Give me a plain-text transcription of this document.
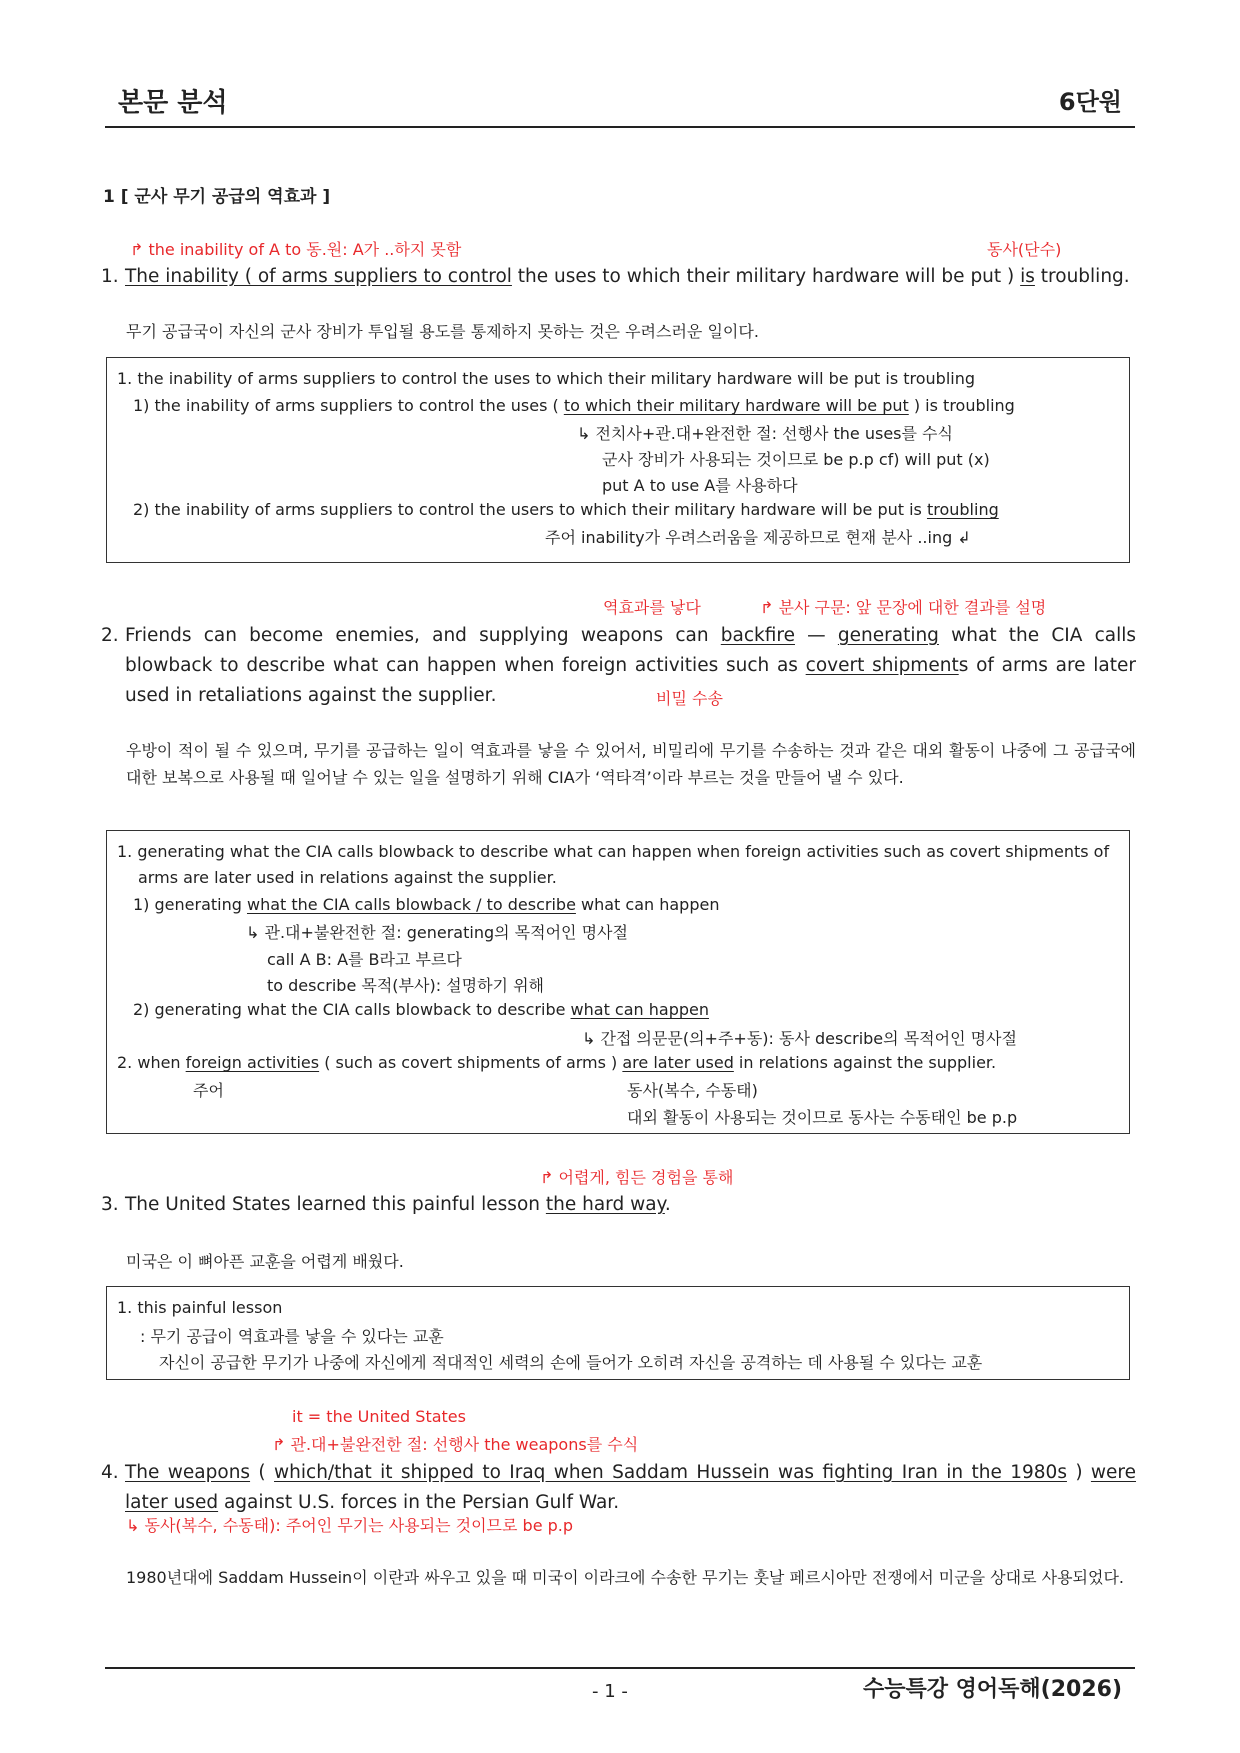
본문 분석	6단원
1 [ 군사 무기 공급의 역효과 ]
↱ the inability of A to 동.원: A가 ..하지 못함	동사(단수)
1. The inability ( of arms suppliers to control the uses to which their military hardware will be put ) is troubling.
무기 공급국이 자신의 군사 장비가 투입될 용도를 통제하지 못하는 것은 우려스러운 일이다.
1. the inability of arms suppliers to control the uses to which their military hardware will be put is troubling
1) the inability of arms suppliers to control the uses ( to which their military hardware will be put ) is troubling
↳ 전치사+관.대+완전한 절: 선행사 the uses를 수식
군사 장비가 사용되는 것이므로 be p.p cf) will put (x)
put A to use A를 사용하다
2) the inability of arms suppliers to control the users to which their military hardware will be put is troubling
주어 inability가 우려스러움을 제공하므로 현재 분사 ..ing ↲
역효과를 낳다	↱ 분사 구문: 앞 문장에 대한 결과를 설명
2. Friends can become enemies, and supplying weapons can backfire — generating what the CIA calls blowback to describe what can happen when foreign activities such as covert shipments of arms are later used in retaliations against the supplier.	비밀 수송
우방이 적이 될 수 있으며, 무기를 공급하는 일이 역효과를 낳을 수 있어서, 비밀리에 무기를 수송하는 것과 같은 대외 활동이 나중에 그 공급국에 대한 보복으로 사용될 때 일어날 수 있는 일을 설명하기 위해 CIA가 ‘역타격’이라 부르는 것을 만들어 낼 수 있다.
1. generating what the CIA calls blowback to describe what can happen when foreign activities such as covert shipments of
arms are later used in relations against the supplier.
1) generating what the CIA calls blowback / to describe what can happen
↳ 관.대+불완전한 절: generating의 목적어인 명사절
call A B: A를 B라고 부르다
to describe 목적(부사): 설명하기 위해
2) generating what the CIA calls blowback to describe what can happen
↳ 간접 의문문(의+주+동): 동사 describe의 목적어인 명사절
2. when foreign activities ( such as covert shipments of arms ) are later used in relations against the supplier.
주어	동사(복수, 수동태)
대외 활동이 사용되는 것이므로 동사는 수동태인 be p.p
↱ 어렵게, 힘든 경험을 통해
3. The United States learned this painful lesson the hard way.
미국은 이 뼈아픈 교훈을 어렵게 배웠다.
1. this painful lesson
: 무기 공급이 역효과를 낳을 수 있다는 교훈
자신이 공급한 무기가 나중에 자신에게 적대적인 세력의 손에 들어가 오히려 자신을 공격하는 데 사용될 수 있다는 교훈
it = the United States
↱ 관.대+불완전한 절: 선행사 the weapons를 수식
4. The weapons ( which/that it shipped to Iraq when Saddam Hussein was fighting Iran in the 1980s ) were later used against U.S. forces in the Persian Gulf War.
↳ 동사(복수, 수동태): 주어인 무기는 사용되는 것이므로 be p.p
1980년대에 Saddam Hussein이 이란과 싸우고 있을 때 미국이 이라크에 수송한 무기는 훗날 페르시아만 전쟁에서 미군을 상대로 사용되었다.
- 1 -	수능특강 영어독해(2026)
